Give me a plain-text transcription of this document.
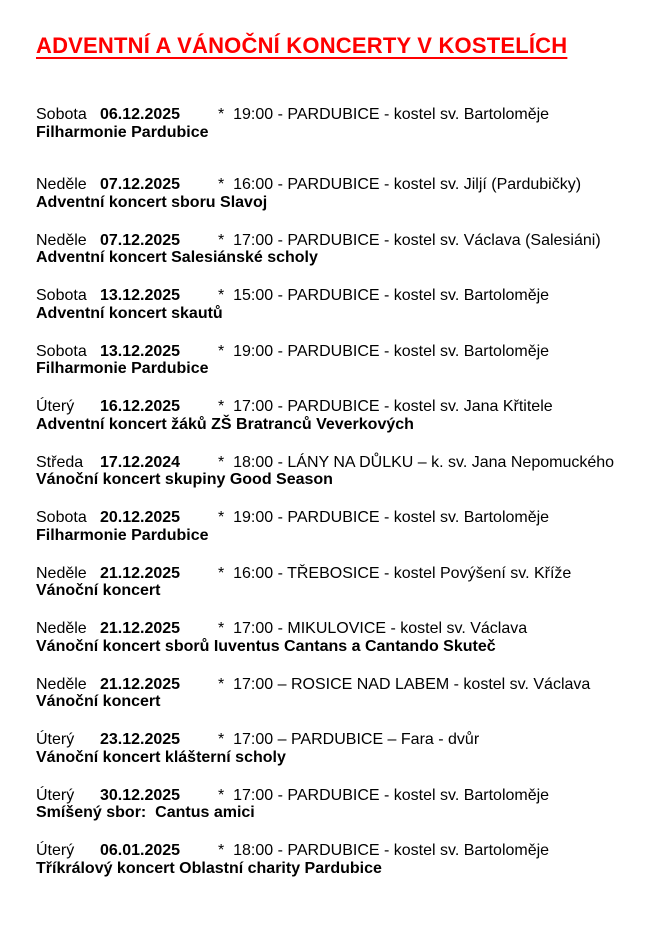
ADVENTNÍ A VÁNOČNÍ KONCERTY V KOSTELÍCH
Sobota 06.12.2025 *  19:00 - PARDUBICE - kostel sv. Bartoloměje
Filharmonie Pardubice
Neděle 07.12.2025 *  16:00 - PARDUBICE - kostel sv. Jiljí (Pardubičky)
Adventní koncert sboru Slavoj
Neděle 07.12.2025 *  17:00 - PARDUBICE - kostel sv. Václava (Salesiáni)
Adventní koncert Salesiánské scholy
Sobota 13.12.2025 *  15:00 - PARDUBICE - kostel sv. Bartoloměje
Adventní koncert skautů
Sobota 13.12.2025 *  19:00 - PARDUBICE - kostel sv. Bartoloměje
Filharmonie Pardubice
Úterý 16.12.2025 *  17:00 - PARDUBICE - kostel sv. Jana Křtitele
Adventní koncert žáků ZŠ Bratranců Veverkových
Středa 17.12.2024 *  18:00 - LÁNY NA DŮLKU – k. sv. Jana Nepomuckého
Vánoční koncert skupiny Good Season
Sobota 20.12.2025 *  19:00 - PARDUBICE - kostel sv. Bartoloměje
Filharmonie Pardubice
Neděle 21.12.2025 *  16:00 - TŘEBOSICE - kostel Povýšení sv. Kříže
Vánoční koncert
Neděle 21.12.2025 *  17:00 - MIKULOVICE - kostel sv. Václava
Vánoční koncert sborů Iuventus Cantans a Cantando Skuteč
Neděle 21.12.2025 *  17:00 – ROSICE NAD LABEM - kostel sv. Václava
Vánoční koncert
Úterý 23.12.2025 *  17:00 – PARDUBICE – Fara - dvůr
Vánoční koncert klášterní scholy
Úterý 30.12.2025 *  17:00 - PARDUBICE - kostel sv. Bartoloměje
Smíšený sbor:  Cantus amici
Úterý 06.01.2025 *  18:00 - PARDUBICE - kostel sv. Bartoloměje
Tříkrálový koncert Oblastní charity Pardubice
